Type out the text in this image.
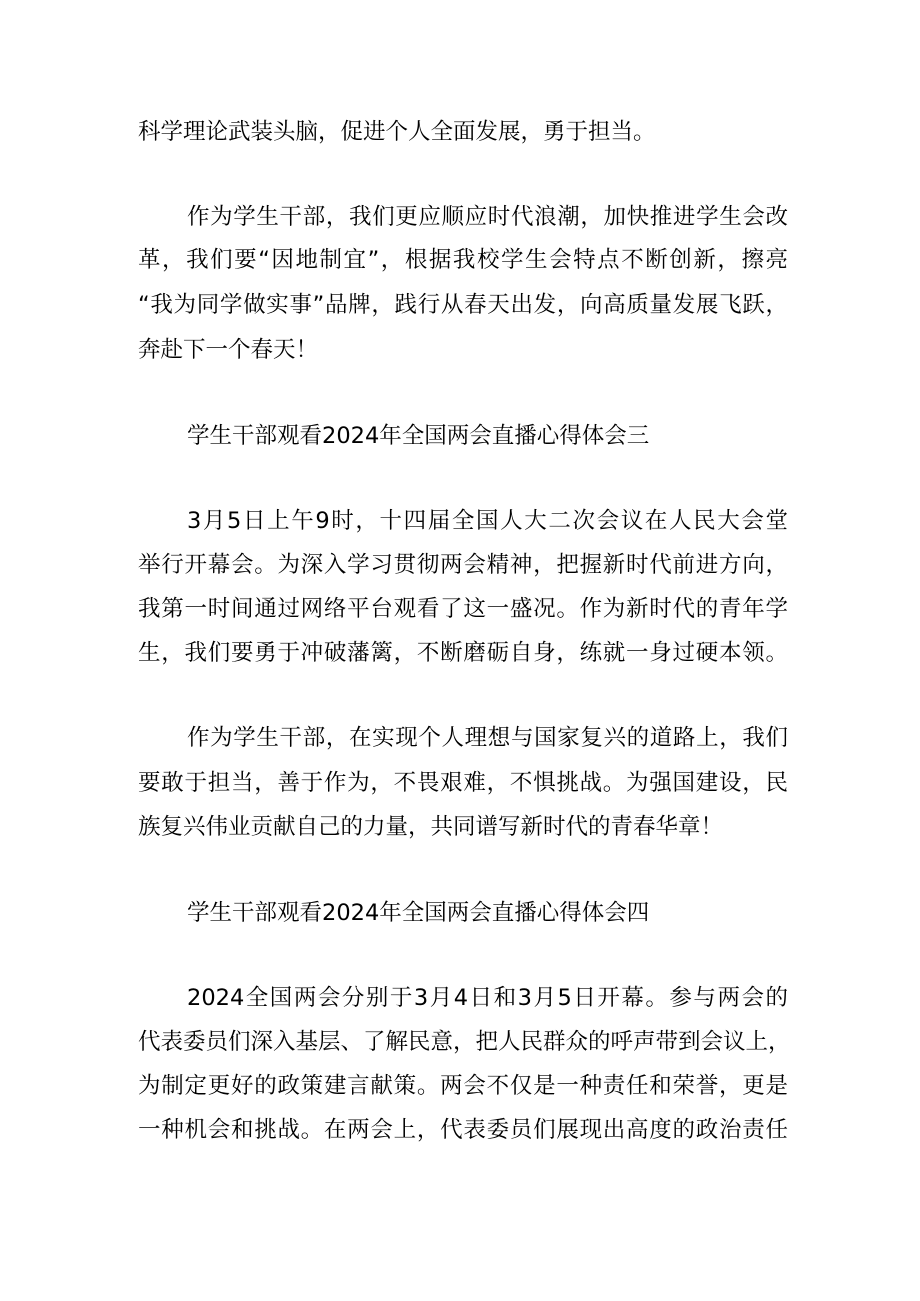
科学理论武装头脑，促进个人全面发展，勇于担当。
作为学生干部，我们更应顺应时代浪潮，加快推进学生会改
革，我们要“因地制宜”，根据我校学生会特点不断创新，擦亮
“我为同学做实事”品牌，践行从春天出发，向高质量发展飞跃，
奔赴下一个春天！
学生干部观看2024年全国两会直播心得体会三
3月5日上午9时，十四届全国人大二次会议在人民大会堂
举行开幕会。为深入学习贯彻两会精神，把握新时代前进方向，
我第一时间通过网络平台观看了这一盛况。作为新时代的青年学
生，我们要勇于冲破藩篱，不断磨砺自身，练就一身过硬本领。
作为学生干部，在实现个人理想与国家复兴的道路上，我们
要敢于担当，善于作为，不畏艰难，不惧挑战。为强国建设，民
族复兴伟业贡献自己的力量，共同谱写新时代的青春华章！
学生干部观看2024年全国两会直播心得体会四
2024全国两会分别于3月4日和3月5日开幕。参与两会的
代表委员们深入基层、了解民意，把人民群众的呼声带到会议上，
为制定更好的政策建言献策。两会不仅是一种责任和荣誉，更是
一种机会和挑战。在两会上，代表委员们展现出高度的政治责任
